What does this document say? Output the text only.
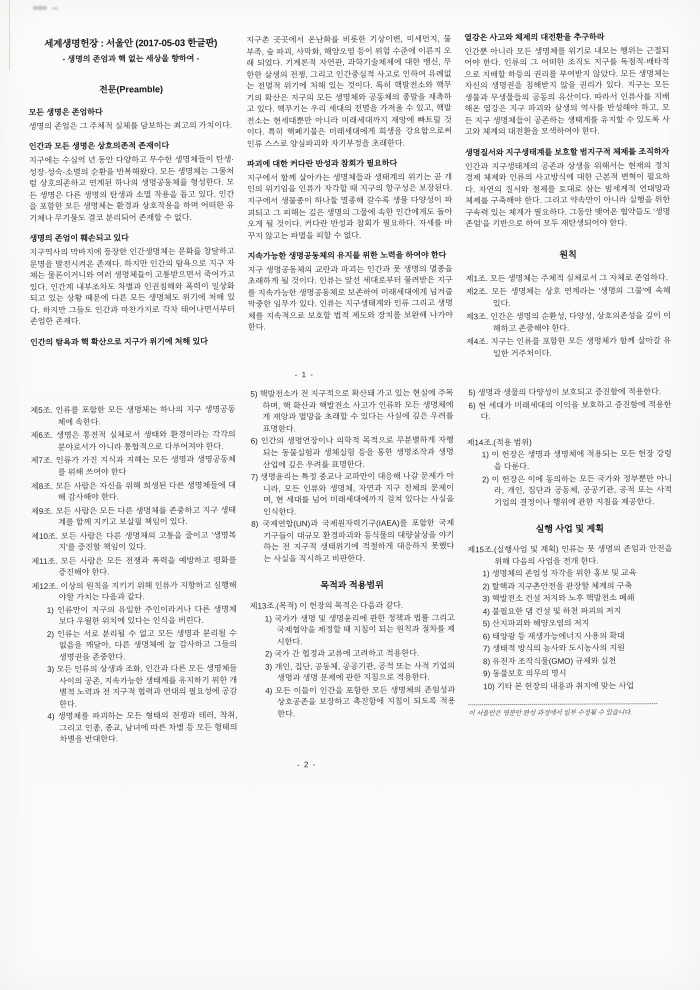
세계생명헌장 : 서울안 (2017-05-03 한글판)
- 생명의 존엄과 핵 없는 세상을 향하여 -
전문(Preamble)
모든 생명은 존엄하다

생명의 존엄은 그 주체적 실체를 담보하는 최고의 가치이다.

인간과 모든 생명은 상호의존적 존재이다

지구에는 수십억 년 동안 다양하고 무수한 생명체들이 탄생·성장·성숙·소멸의 순환을 반복해왔다. 모든 생명체는 그물처럼 상호의존하고 연계된 하나의 생명공동체를 형성한다. 모든 생명은 다른 생명의 탄생과 소멸 작용을 돕고 있다. 인간을 포함한 모든 생명체는 환경과 상호작용을 하며 어떠한 유기체나 무기물도 결코 분리되어 존재할 수 없다.

생명의 존엄이 훼손되고 있다

지구역사의 막바지에 등장한 인간생명체는 문화를 창달하고 문명을 발전시켜온 존재다. 하지만 인간의 탐욕으로 지구 자체는 물론이거니와 여러 생명체들이 고통받으면서 죽어가고 있다. 인간계 내부조차도 차별과 인권침해와 폭력이 일상화되고 있는 상황 때문에 다른 모든 생명체도 위기에 처해 있다. 하지만 그들도 인간과 마찬가지로 각자 태어나면서부터 존엄한 존재다.

인간의 탐욕과 핵 확산으로 지구가 위기에 처해 있다

지구촌 곳곳에서 온난화를 비롯한 기상이변, 미세먼지, 물 부족, 숲 파괴, 사막화, 해양오염 등이 위험 수준에 이른지 오래 되었다. 기계론적 자연관, 과학기술체제에 대한 맹신, 무한한 살생의 전쟁, 그리고 인간중심적 사고로 인하여 유례없는 전멸적 위기에 처해 있는 것이다. 특히 핵발전소와 핵무기의 확산은 지구의 모든 생명체와 공동체의 종말을 재촉하고 있다. 핵무기는 우리 세대의 전멸을 가져올 수 있고, 핵발전소는 현세대뿐만 아니라 미래세대까지 재앙에 빠트릴 것이다. 특히 핵폐기물은 미래세대에게 희생을 강요함으로써 인류 스스로 양심파괴와 자기부정을 초래한다.

파괴에 대한 커다란 반성과 참회가 필요하다

지구에서 함께 살아가는 생명체들과 생태계의 위기는 곧 개인의 위기임을 인류가 자각할 때 지구의 항구성은 보장된다. 지구에서 생물종이 하나둘 멸종해 갈수록 생물 다양성이 파괴되고 그 피해는 깊은 생명의 그물에 속한 인간에게도 돌아오게 될 것이다. 커다란 반성과 참회가 필요하다. 자세를 바꾸지 않고는 파멸을 피할 수 없다.

지속가능한 생명공동체의 유지를 위한 노력을 하여야 한다

지구 생명공동체의 교란과 파괴는 인간과 뭇 생명의 멸종을 초래하게 될 것이다. 인류는 앞선 세대로부터 물려받은 지구를 지속가능한 생명공동체로 보존하여 미래세대에게 넘겨줄 막중한 임무가 있다. 인류는 지구생태계와 인류 그리고 생명체를 지속적으로 보호할 법적 제도와 장치를 보완해 나가야 한다.

열강은 사고와 체제의 대전환을 추구하라

인간뿐 아니라 모든 생명체를 위기로 내모는 행위는 근절되어야 한다. 인류의 그 어떠한 조직도 지구를 독점적·배타적으로 지배할 하등의 권리를 부여받지 않았다. 모든 생명체는 자신의 생명권을 침해받지 않을 권리가 있다. 지구는 모든 생물과 무생물들의 공동의 유산이다. 따라서 인류사를 지배해온 열강은 지구 파괴와 살생의 역사를 반성해야 하고, 모든 지구 생명체들이 공존하는 생태계를 유지할 수 있도록 사고와 체계의 대전환을 모색하여야 한다.

생명질서와 지구생태계를 보호할 범지구적 체제를 조직하자

인간과 지구생태계의 공존과 상생을 위해서는 현재의 정치경제 체제와 인류의 사고방식에 대한 근본적 변혁이 필요하다. 자연의 질서와 절제를 토대로 삼는 범세계적 연대망과 체제를 구축해야 한다. 그리고 약속만이 아니라 실행을 위한 구속력 있는 체계가 필요하다. 그동안 맺어온 협약들도 '생명존엄'을 기반으로 하여 모두 재탄생되어야 한다.

원칙
제1조. 모든 생명체는 주체적 실체로서 그 자체로 존엄하다.
제2조. 모든 생명체는 상호 연계라는 '생명의 그물'에 속해 있다.
제3조. 인간은 생명의 순환성, 다양성, 상호의존성을 깊이 이해하고 존중해야 한다.
제4조. 지구는 인류를 포함한 모든 생명체가 함께 살아갈 유일한 거주처이다.
- 1 -
제5조. 인류를 포함한 모든 생명체는 하나의 지구 생명공동체에 속한다.
제6조. 생명은 통전적 실체로서 생태와 환경이라는 각각의 분야로서가 아니라 통합적으로 다루어져야 한다.
제7조. 인류가 가진 지식과 지혜는 모든 생명과 생명공동체를 위해 쓰여야 한다
제8조. 모든 사람은 자신을 위해 희생된 다른 생명체들에 대해 감사해야 한다.
제9조. 모든 사람은 모든 다른 생명체를 존중하고 지구 생태계를 함께 지키고 보살필 책임이 있다.
제10조. 모든 사람은 다른 생명체의 고통을 줄이고 '생명복지'를 증진할 책임이 있다.
제11조. 모든 사람은 모든 전쟁과 폭력을 예방하고 평화를 증진해야 한다.
제12조. 이상의 원칙을 지키기 위해 인류가 지향하고 실행해야할 가치는 다음과 같다.
1) 인류만이 지구의 유일한 주인이라거나 다른 생명체보다 우월한 위치에 있다는 인식을 버린다.
2) 인류는 서로 분리될 수 없고 모든 생명과 분리될 수 없음을 깨달아, 다른 생명체에 늘 감사하고 그들의 생명권을 존중한다.
3) 모든 인류의 상생과 조화, 인간과 다른 모든 생명체들 사이의 공존, 지속가능한 생태계를 유지하기 위한 개별적 노력과 전 지구적 협력과 연대의 필요성에 공감한다.
4) 생명체를 파괴하는 모든 형태의 전쟁과 테러, 착취, 그리고 인종, 종교, 남녀에 따른 차별 등 모든 형태의 차별을 반대한다.
5) 핵발전소가 전 지구적으로 확산돼 가고 있는 현실에 주목하며, 핵 확산과 핵발전소 사고가 인류와 모든 생명체에게 재앙과 멸망을 초래할 수 있다는 사실에 깊은 우려를 표명한다.
6) 인간의 생명연장이나 의학적 목적으로 무분별하게 자행되는 동물실험과 생체실험 등을 통한 생명조작과 생명산업에 깊은 우려를 표명한다.
7) 생명윤리는 특정 종교나 교파만이 대응해 나갈 문제가 아니라, 모든 인류와 생명체, 자연과 지구 전체의 문제이며, 현 세대를 넘어 미래세대에까지 걸쳐 있다는 사실을 인식한다.
8) 국제연합(UN)과 국제원자력기구(IAEA)를 포함한 국제기구들이 대규모 환경파괴와 동식물의 대량살상을 야기하는 전 지구적 생태위기에 적절하게 대응하지 못했다는 사실을 직시하고 비판한다.
목적과 적용범위
제13조.(목적) 이 헌장의 목적은 다음과 같다.
1) 국가가 생명 및 생명윤리에 관한 정책과 법률 그리고 국제협약을 제정할 때 지침이 되는 원칙과 절차를 제시한다.
2) 국가 간 협정과 교류에 고려하고 적용한다.
3) 개인, 집단, 공동체, 공공기관, 공적 또는 사적 기업의 생명과 생명 문제에 관한 지침으로 적용한다.
4) 모든 이들이 인간을 포함한 모든 생명체의 존엄성과 상호공존을 보장하고 촉진함에 지침이 되도록 적용한다.
5) 생명과 생물의 다양성이 보호되고 증진함에 적용한다.
6) 현 세대가 미래세대의 이익을 보호하고 증진함에 적용한다.
제14조.(적용 범위)
1) 이 헌장은 생명과 생명체에 적용되는 모든 헌장 강령을 다룬다.
2) 이 헌장은 이에 동의하는 모든 국가와 정부뿐만 아니라, 개인, 집단과 공동체, 공공기관, 공적 또는 사적 기업의 결정이나 행위에 관한 지침을 제공한다.
실행 사업 및 계획
제15조.(실행사업 및 계획) 인류는 뭇 생명의 존엄과 안전을 위해 다음의 사업을 전개 한다.
1) 생명체의 존엄성 자각을 위한 홍보 및 교육
2) 탈핵과 지구촌안전을 관장할 체계의 구축
3) 핵발전소 건설 저지와 노후 핵발전소 폐쇄
4) 불필요한 댐 건설 및 하천 파괴의 저지
5) 산지파괴와 해양오염의 저지
6) 태양광 등 재생가능에너지 사용의 확대
7) 생태적 방식의 농사와 도시농사의 지원
8) 유전자 조작식물(GMO) 규제와 실천
9) 동물보호 의무의 명시
10) 기타 본 헌장의 내용과 취지에 맞는 사업
이 서울안은 영문안 완성 과정에서 일부 수정될 수 있습니다.
- 2 -
